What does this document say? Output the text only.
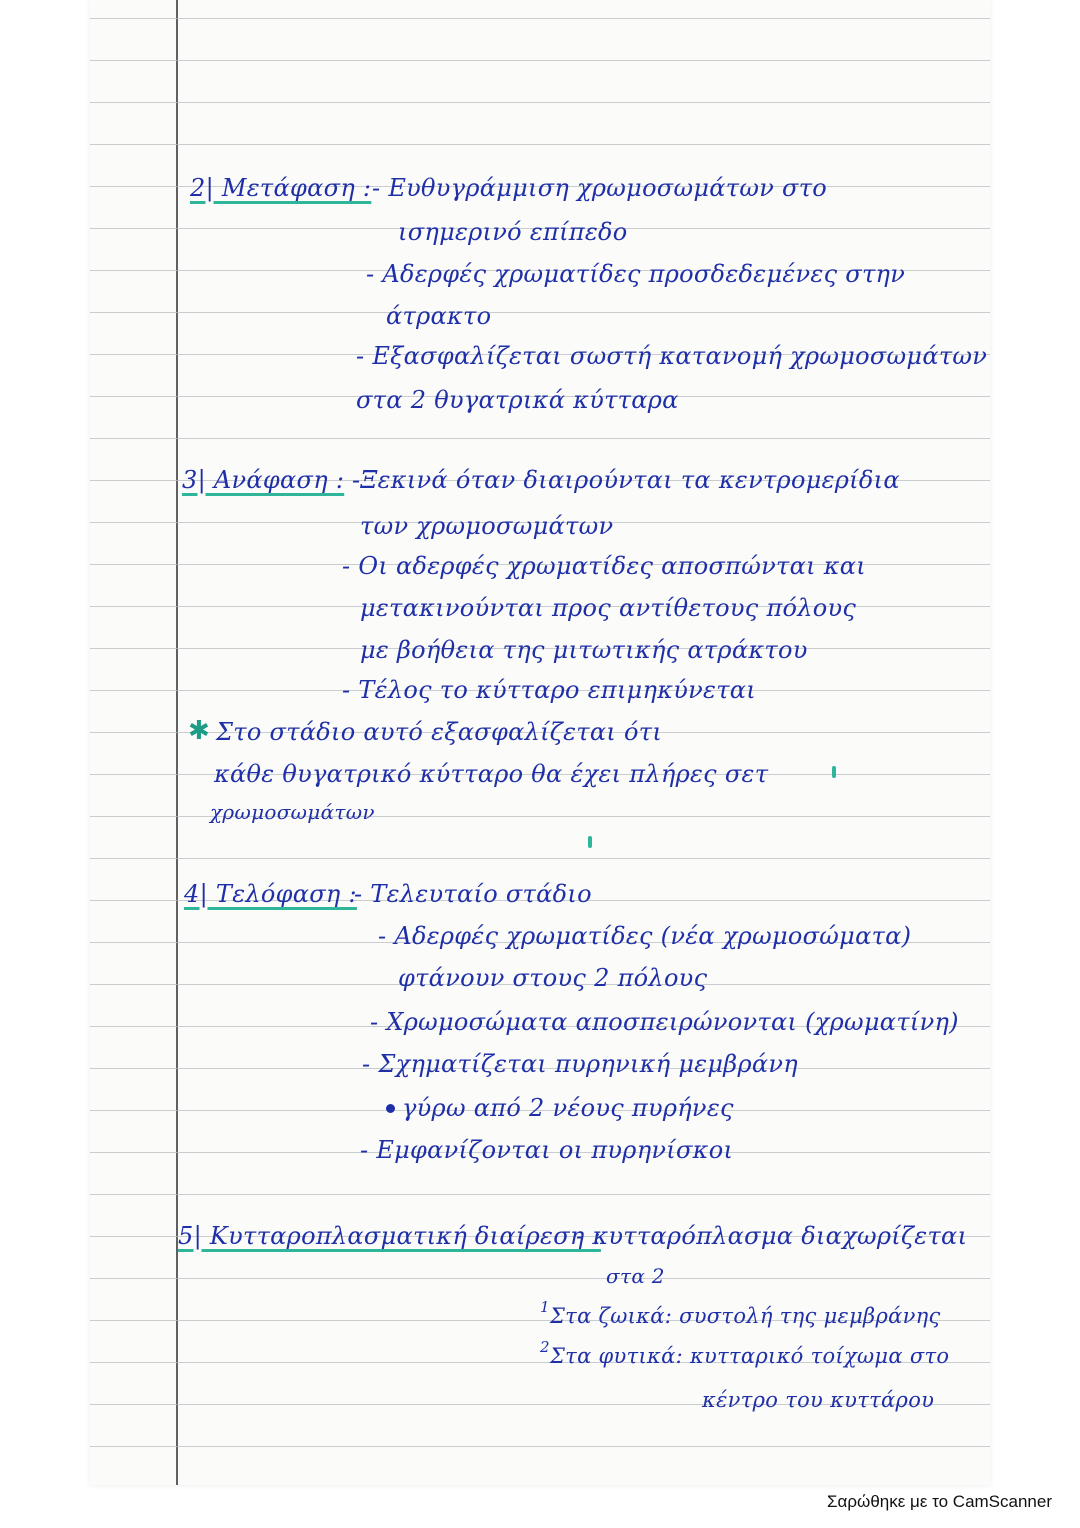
2| Μετάφαση : - Ευθυγράμμιση χρωμοσωμάτων στο
ισημερινό επίπεδο
- Αδερφές χρωματίδες προσδεδεμένες στην
άτρακτο
- Εξασφαλίζεται σωστή κατανομή χρωμοσωμάτων
στα 2 θυγατρικά κύτταρα
3| Ανάφαση : -Ξεκινά όταν διαιρούνται τα κεντρομερίδια
των χρωμοσωμάτων
- Οι αδερφές χρωματίδες αποσπώνται και
μετακινούνται προς αντίθετους πόλους
με βοήθεια της μιτωτικής ατράκτου
- Τέλος το κύτταρο επιμηκύνεται
✱ Στο στάδιο αυτό εξασφαλίζεται ότι
κάθε θυγατρικό κύτταρο θα έχει πλήρες σετ
χρωμοσωμάτων
4| Τελόφαση :
- Τελευταίο στάδιο
- Αδερφές χρωματίδες (νέα χρωμοσώματα)
φτάνουν στους 2 πόλους
- Χρωμοσώματα αποσπειρώνονται (χρωματίνη)
- Σχηματίζεται πυρηνική μεμβράνη
γύρω από 2 νέους πυρήνες
- Εμφανίζονται οι πυρηνίσκοι
5| Κυτταροπλασματική διαίρεση :
- κυτταρόπλασμα διαχωρίζεται
στα 2
1 Στα ζωικά: συστολή της μεμβράνης
2 Στα φυτικά: κυτταρικό τοίχωμα στο
κέντρο του κυττάρου
Σαρώθηκε με το CamScanner
